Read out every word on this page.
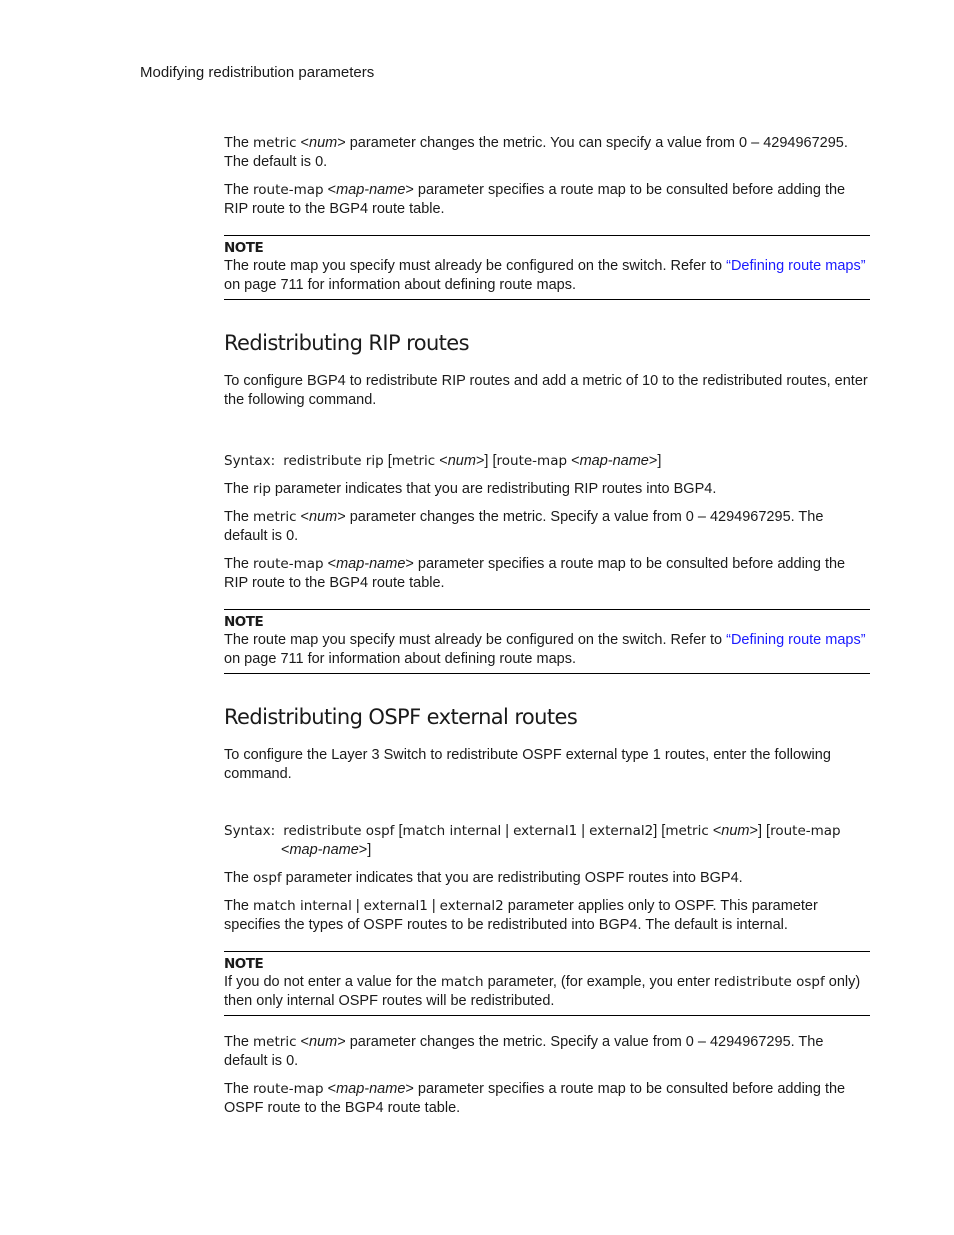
Modifying redistribution parameters

The metric <num> parameter changes the metric. You can specify a value from 0 – 4294967295. The default is 0.

The route-map <map-name> parameter specifies a route map to be consulted before adding the RIP route to the BGP4 route table.

NOTE

The route map you specify must already be configured on the switch. Refer to “Defining route maps” on page 711 for information about defining route maps.

Redistributing RIP routes

To configure BGP4 to redistribute RIP routes and add a metric of 10 to the redistributed routes, enter the following command.

Syntax: redistribute rip [metric <num>] [route-map <map-name>]

The rip parameter indicates that you are redistributing RIP routes into BGP4.

The metric <num> parameter changes the metric. Specify a value from 0 – 4294967295. The default is 0.

The route-map <map-name> parameter specifies a route map to be consulted before adding the RIP route to the BGP4 route table.

NOTE

The route map you specify must already be configured on the switch. Refer to “Defining route maps” on page 711 for information about defining route maps.

Redistributing OSPF external routes

To configure the Layer 3 Switch to redistribute OSPF external type 1 routes, enter the following command.

Syntax: redistribute ospf [match internal | external1 | external2] [metric <num>] [route-map
<map-name>]

The ospf parameter indicates that you are redistributing OSPF routes into BGP4.

The match internal | external1 | external2 parameter applies only to OSPF. This parameter specifies the types of OSPF routes to be redistributed into BGP4. The default is internal.

NOTE

If you do not enter a value for the match parameter, (for example, you enter redistribute ospf only) then only internal OSPF routes will be redistributed.

The metric <num> parameter changes the metric. Specify a value from 0 – 4294967295. The default is 0.

The route-map <map-name> parameter specifies a route map to be consulted before adding the OSPF route to the BGP4 route table.
